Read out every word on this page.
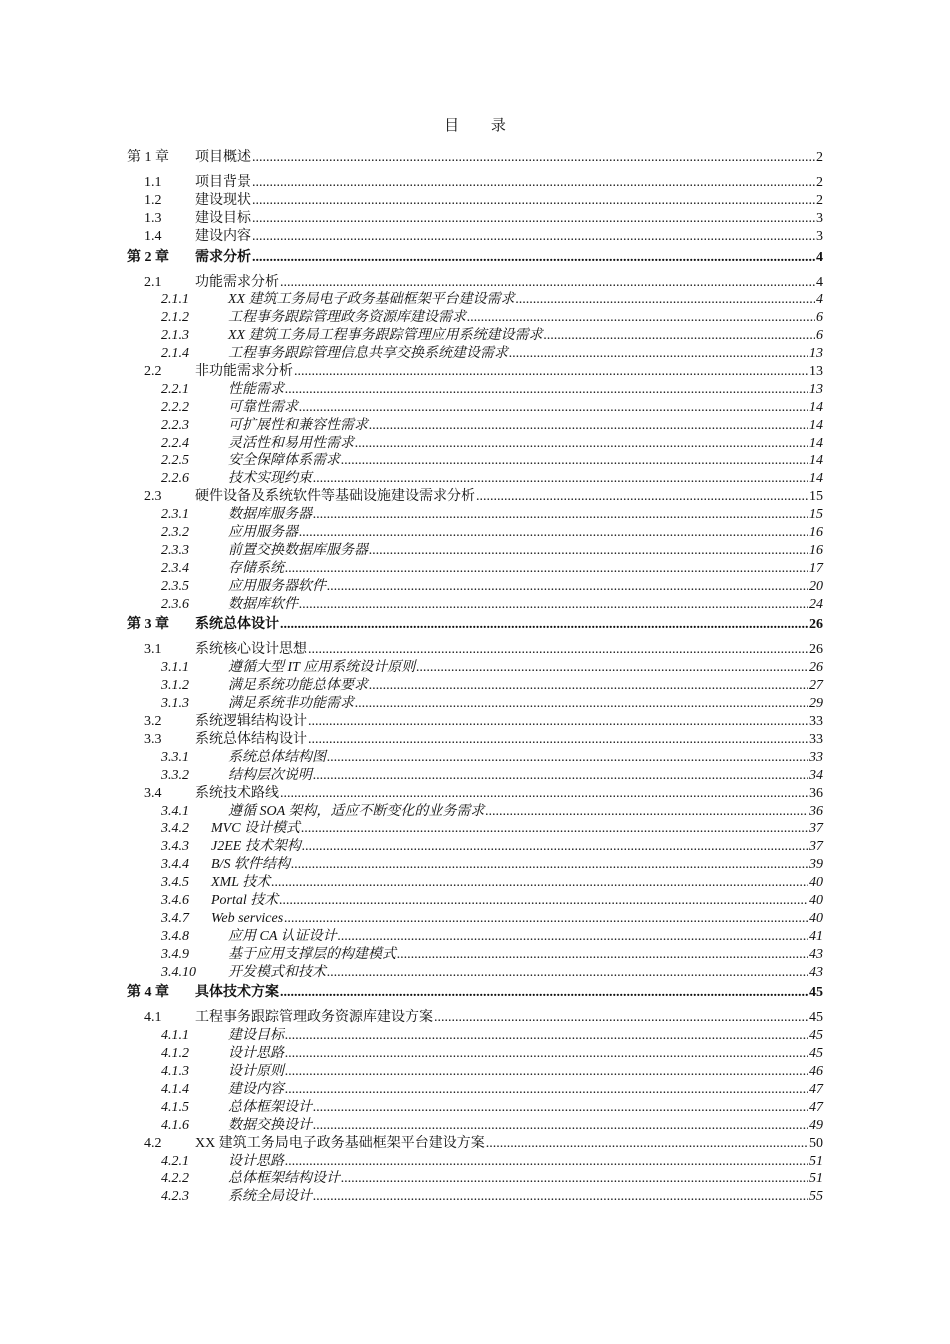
目 录
第 1 章	项目概述 .....	2
1.1	项目背景 .....	2
1.2	建设现状 .....	2
1.3	建设目标 .....	3
1.4	建设内容 .....	3
第 2 章	需求分析 .....	4
2.1	功能需求分析 .....	4
2.1.1	XX 建筑工务局电子政务基础框架平台建设需求 .....	4
2.1.2	工程事务跟踪管理政务资源库建设需求 .....	6
2.1.3	XX 建筑工务局工程事务跟踪管理应用系统建设需求 .....	6
2.1.4	工程事务跟踪管理信息共享交换系统建设需求 .....	13
2.2	非功能需求分析 .....	13
2.2.1	性能需求 .....	13
2.2.2	可靠性需求 .....	14
2.2.3	可扩展性和兼容性需求 .....	14
2.2.4	灵活性和易用性需求 .....	14
2.2.5	安全保障体系需求 .....	14
2.2.6	技术实现约束 .....	14
2.3	硬件设备及系统软件等基础设施建设需求分析 .....	15
2.3.1	数据库服务器 .....	15
2.3.2	应用服务器 .....	16
2.3.3	前置交换数据库服务器 .....	16
2.3.4	存储系统 .....	17
2.3.5	应用服务器软件 .....	20
2.3.6	数据库软件 .....	24
第 3 章	系统总体设计 .....	26
3.1	系统核心设计思想 .....	26
3.1.1	遵循大型 IT 应用系统设计原则 .....	26
3.1.2	满足系统功能总体要求 .....	27
3.1.3	满足系统非功能需求 .....	29
3.2	系统逻辑结构设计 .....	33
3.3	系统总体结构设计 .....	33
3.3.1	系统总体结构图 .....	33
3.3.2	结构层次说明 .....	34
3.4	系统技术路线 .....	36
3.4.1	遵循 SOA 架构，适应不断变化的业务需求 .....	36
3.4.2	MVC 设计模式 .....	37
3.4.3	J2EE 技术架构 .....	37
3.4.4	B/S 软件结构 .....	39
3.4.5	XML 技术 .....	40
3.4.6	Portal 技术 .....	40
3.4.7	Web services .....	40
3.4.8	应用 CA 认证设计 .....	41
3.4.9	基于应用支撑层的构建模式 .....	43
3.4.10	开发模式和技术 .....	43
第 4 章	具体技术方案 .....	45
4.1	工程事务跟踪管理政务资源库建设方案 .....	45
4.1.1	建设目标 .....	45
4.1.2	设计思路 .....	45
4.1.3	设计原则 .....	46
4.1.4	建设内容 .....	47
4.1.5	总体框架设计 .....	47
4.1.6	数据交换设计 .....	49
4.2	XX 建筑工务局电子政务基础框架平台建设方案 .....	50
4.2.1	设计思路 .....	51
4.2.2	总体框架结构设计 .....	51
4.2.3	系统全局设计 .....	55
